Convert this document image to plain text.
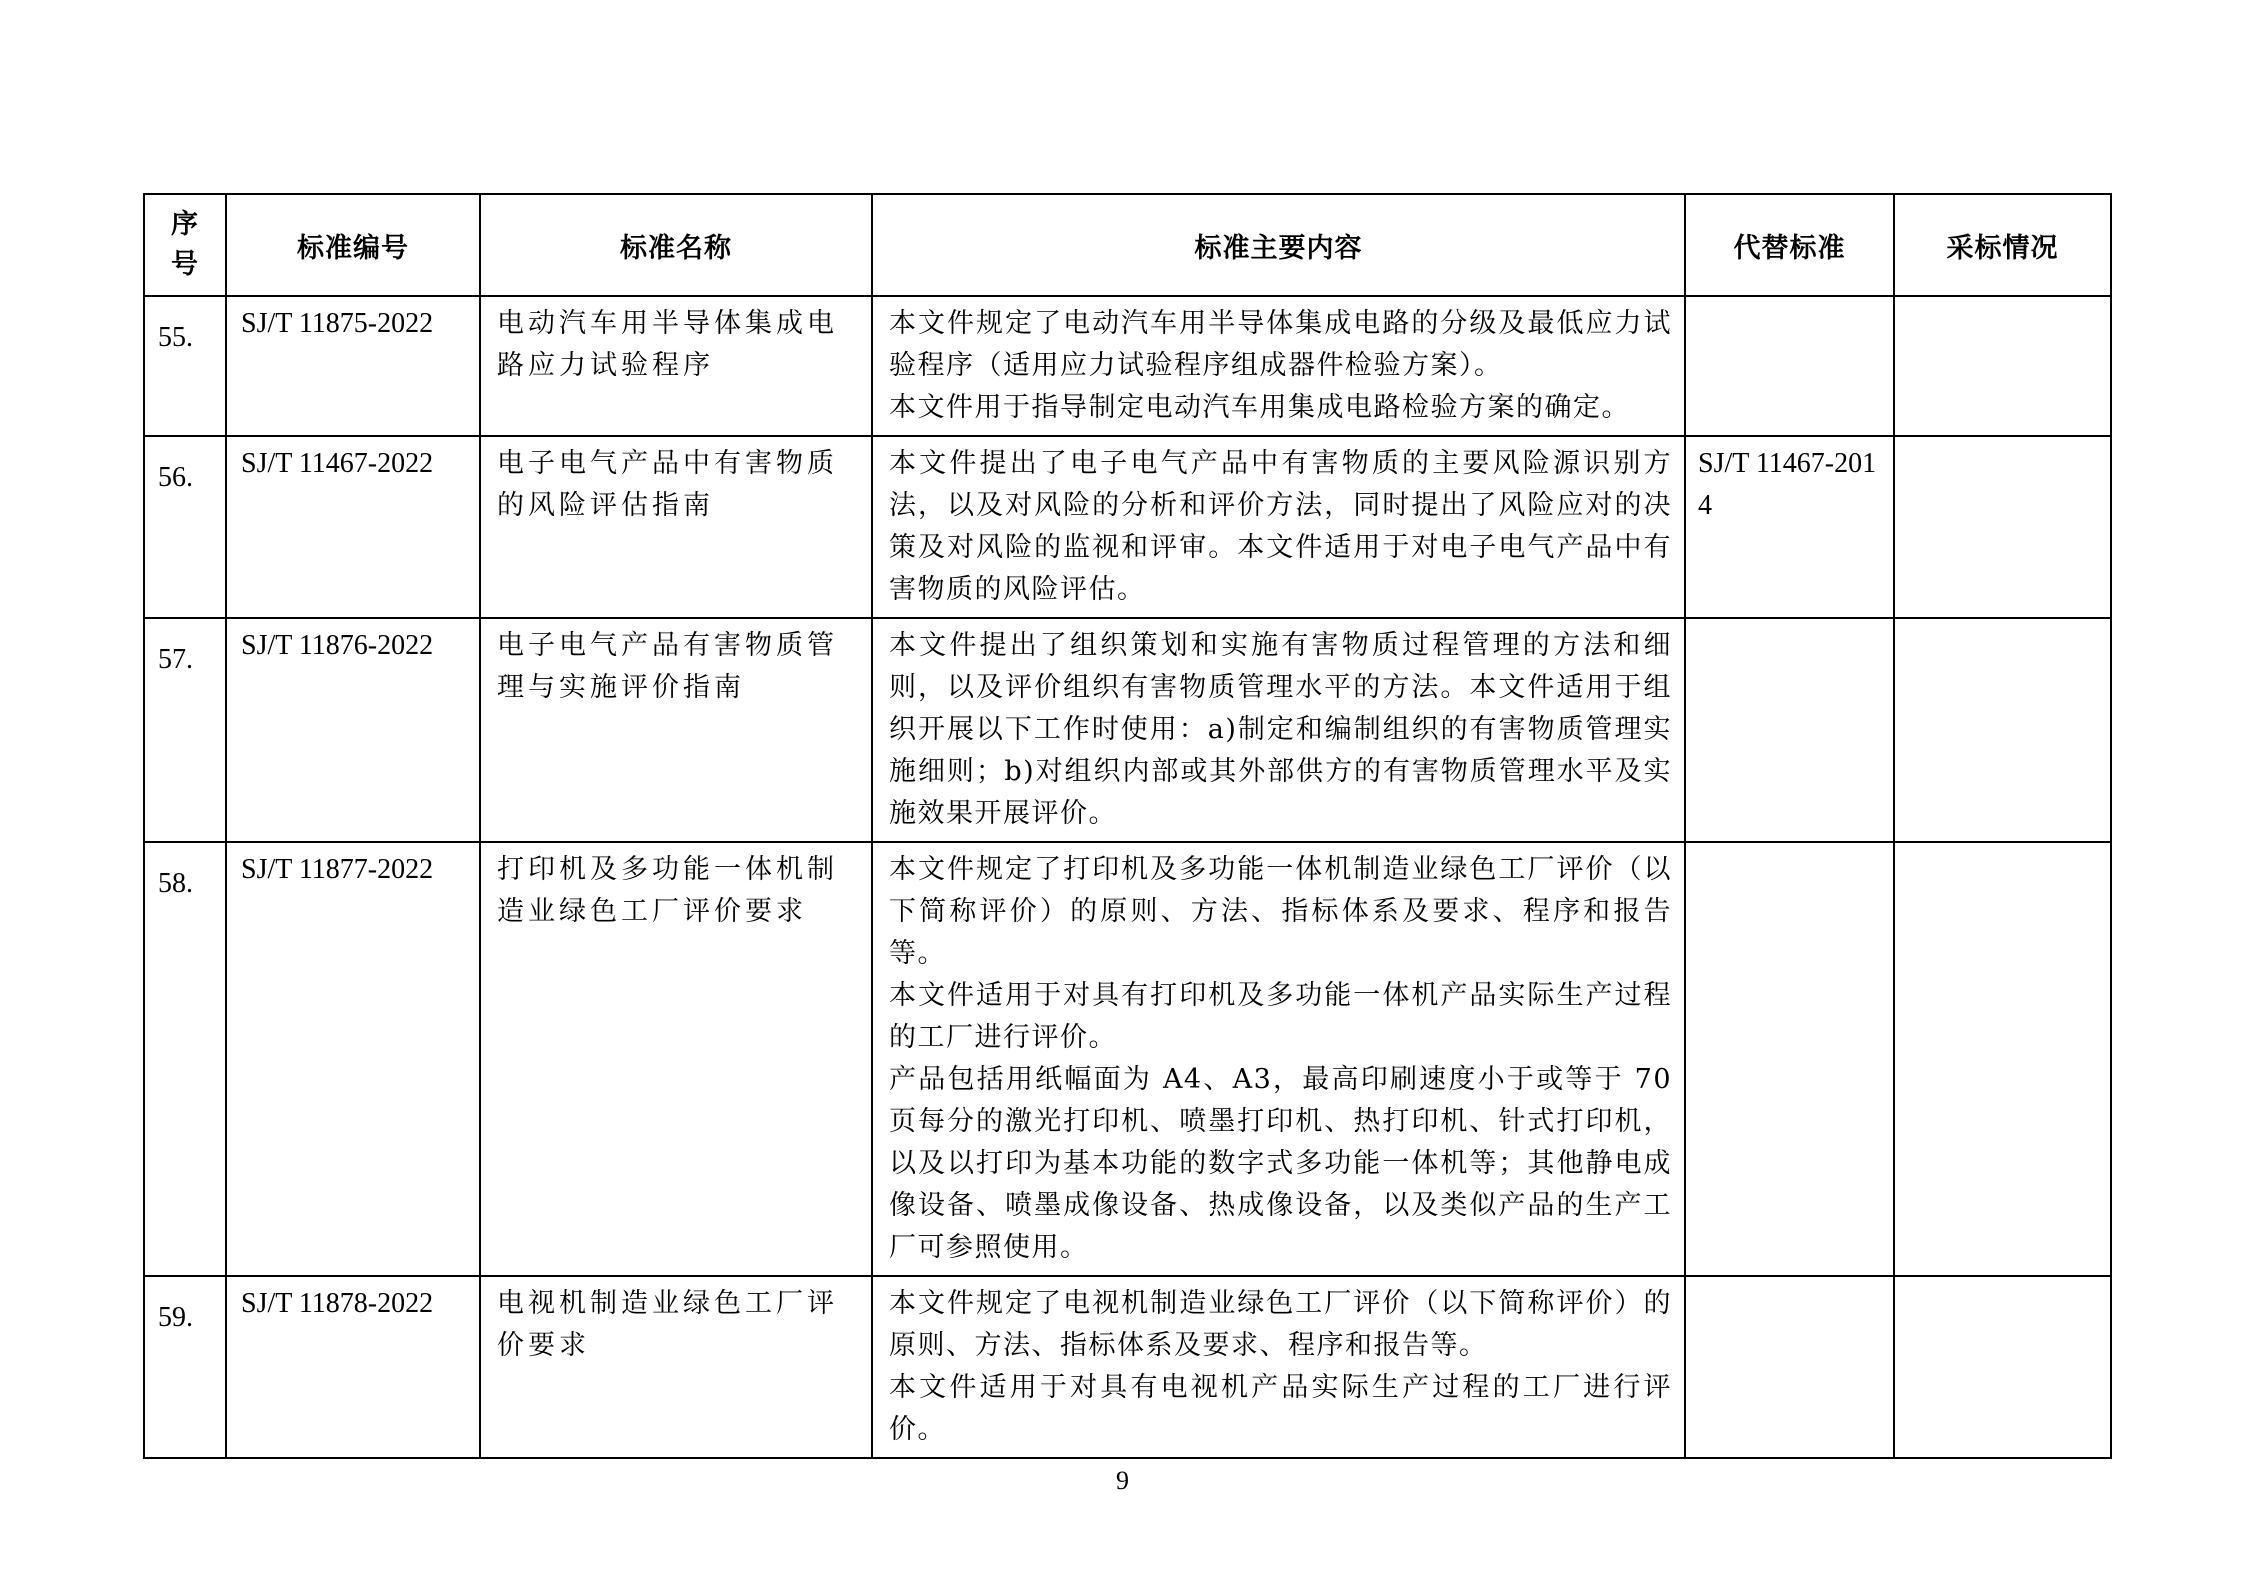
序号	标准编号	标准名称	标准主要内容	代替标准	采标情况

55.	SJ/T 11875-2022	电动汽车用半导体集成电路应力试验程序	本文件规定了电动汽车用半导体集成电路的分级及最低应力试验程序（适用应力试验程序组成器件检验方案）。
本文件用于指导制定电动汽车用集成电路检验方案的确定。		

56.	SJ/T 11467-2022	电子电气产品中有害物质的风险评估指南	本文件提出了电子电气产品中有害物质的主要风险源识别方法，以及对风险的分析和评价方法，同时提出了风险应对的决策及对风险的监视和评审。本文件适用于对电子电气产品中有害物质的风险评估。	SJ/T 11467-2014	

57.	SJ/T 11876-2022	电子电气产品有害物质管理与实施评价指南	本文件提出了组织策划和实施有害物质过程管理的方法和细则，以及评价组织有害物质管理水平的方法。本文件适用于组织开展以下工作时使用：a)制定和编制组织的有害物质管理实施细则；b)对组织内部或其外部供方的有害物质管理水平及实施效果开展评价。		

58.	SJ/T 11877-2022	打印机及多功能一体机制造业绿色工厂评价要求	本文件规定了打印机及多功能一体机制造业绿色工厂评价（以下简称评价）的原则、方法、指标体系及要求、程序和报告等。
本文件适用于对具有打印机及多功能一体机产品实际生产过程的工厂进行评价。
产品包括用纸幅面为 A4、A3，最高印刷速度小于或等于 70 页每分的激光打印机、喷墨打印机、热打印机、针式打印机，以及以打印为基本功能的数字式多功能一体机等；其他静电成像设备、喷墨成像设备、热成像设备，以及类似产品的生产工厂可参照使用。		

59.	SJ/T 11878-2022	电视机制造业绿色工厂评价要求	本文件规定了电视机制造业绿色工厂评价（以下简称评价）的原则、方法、指标体系及要求、程序和报告等。
本文件适用于对具有电视机产品实际生产过程的工厂进行评价。		

9
